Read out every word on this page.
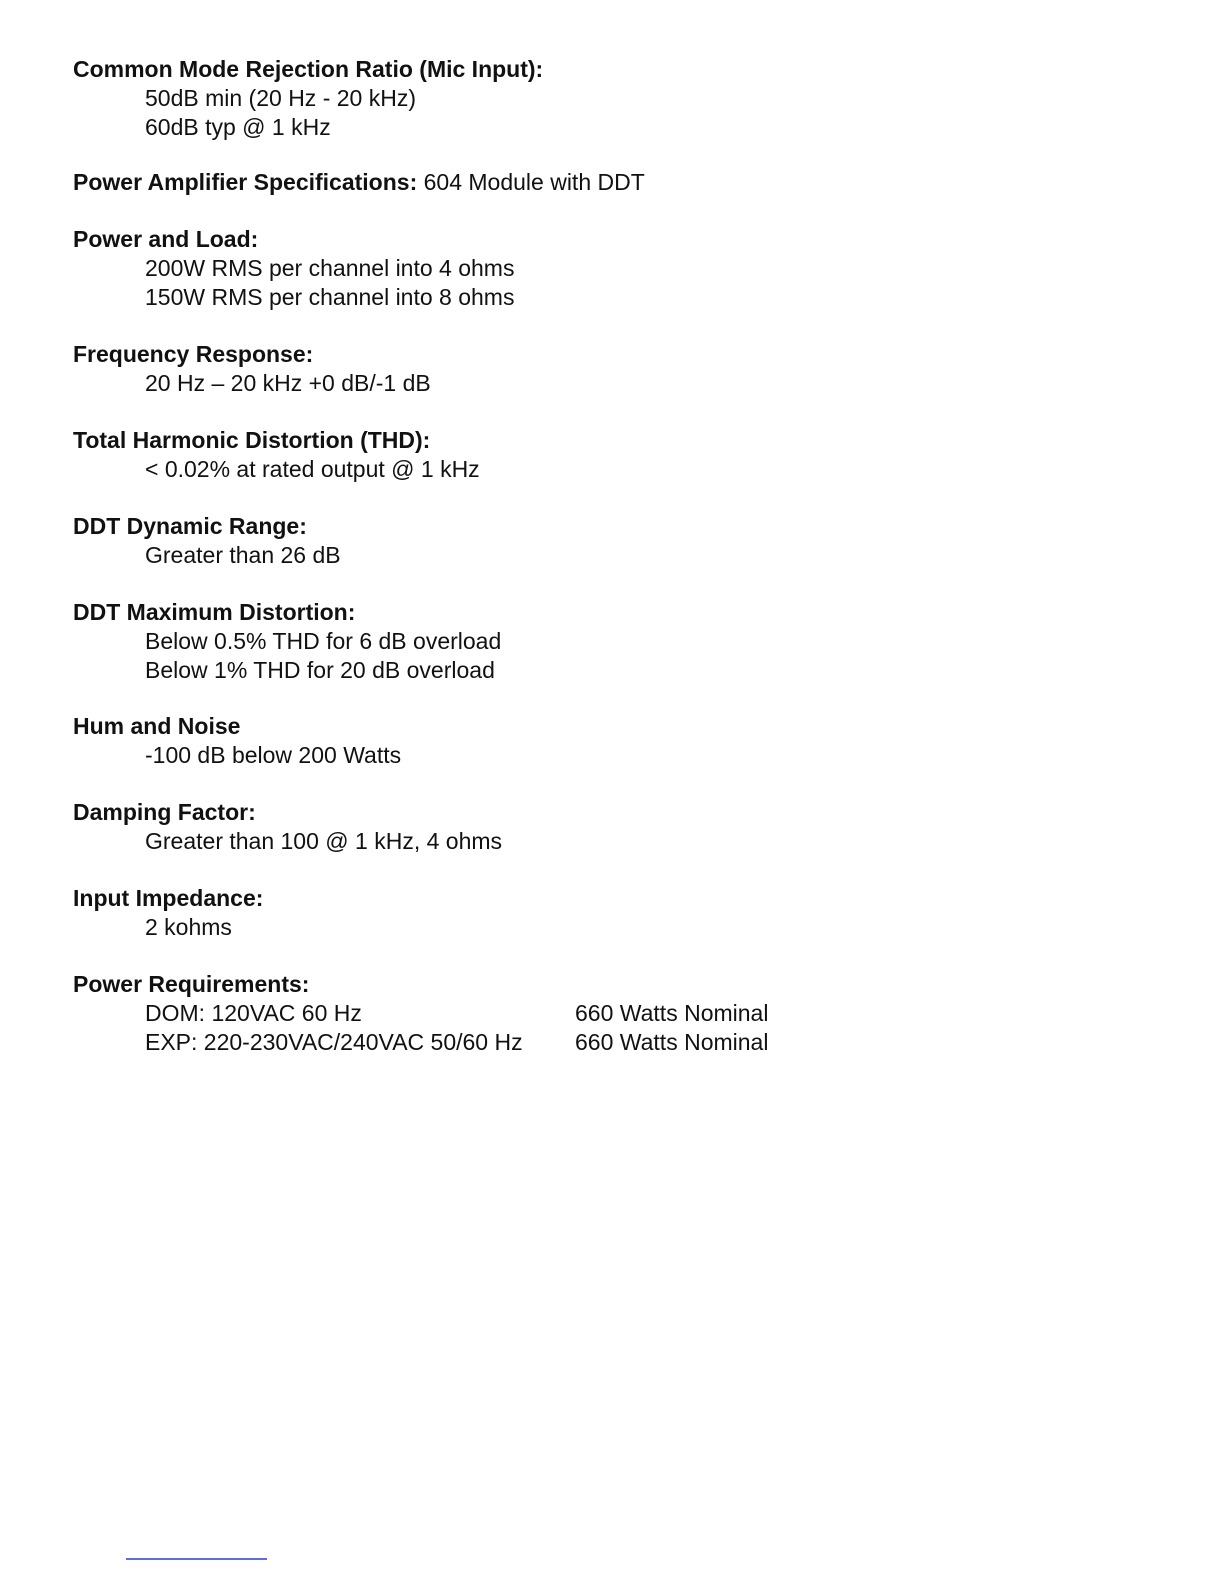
Common Mode Rejection Ratio (Mic Input):
50dB min (20 Hz - 20 kHz)
60dB typ @ 1 kHz
Power Amplifier Specifications: 604 Module with DDT
Power and Load:
200W RMS per channel into 4 ohms
150W RMS per channel into 8 ohms
Frequency Response:
20 Hz – 20 kHz +0 dB/-1 dB
Total Harmonic Distortion (THD):
< 0.02% at rated output @ 1 kHz
DDT Dynamic Range:
Greater than 26 dB
DDT Maximum Distortion:
Below 0.5% THD for 6 dB overload
Below 1% THD for 20 dB overload
Hum and Noise
-100 dB below 200 Watts
Damping Factor:
Greater than 100 @ 1 kHz, 4 ohms
Input Impedance:
2 kohms
Power Requirements:
DOM: 120VAC 60 Hz	660 Watts Nominal
EXP: 220-230VAC/240VAC 50/60 Hz	660 Watts Nominal
